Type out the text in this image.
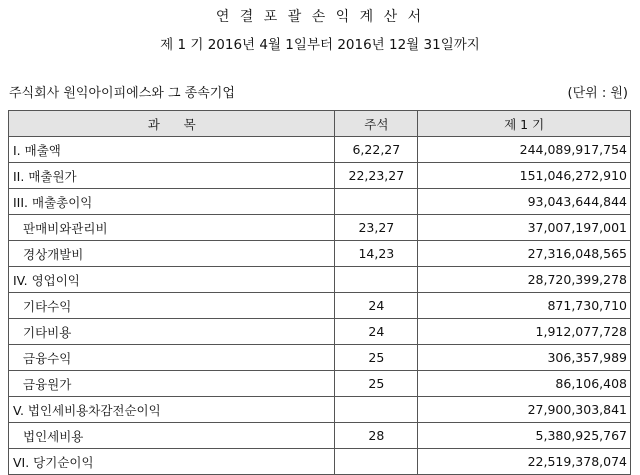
연 결 포 괄 손 익 계 산 서
제 1 기 2016년 4월 1일부터 2016년 12월 31일까지
주식회사 원익아이피에스와 그 종속기업	(단위 : 원)
과      목	주석	제 1 기
I. 매출액	6,22,27	244,089,917,754
II. 매출원가	22,23,27	151,046,272,910
III. 매출총이익		93,043,644,844
판매비와관리비	23,27	37,007,197,001
경상개발비	14,23	27,316,048,565
IV. 영업이익		28,720,399,278
기타수익	24	871,730,710
기타비용	24	1,912,077,728
금융수익	25	306,357,989
금융원가	25	86,106,408
V. 법인세비용차감전순이익		27,900,303,841
법인세비용	28	5,380,925,767
VI. 당기순이익		22,519,378,074
